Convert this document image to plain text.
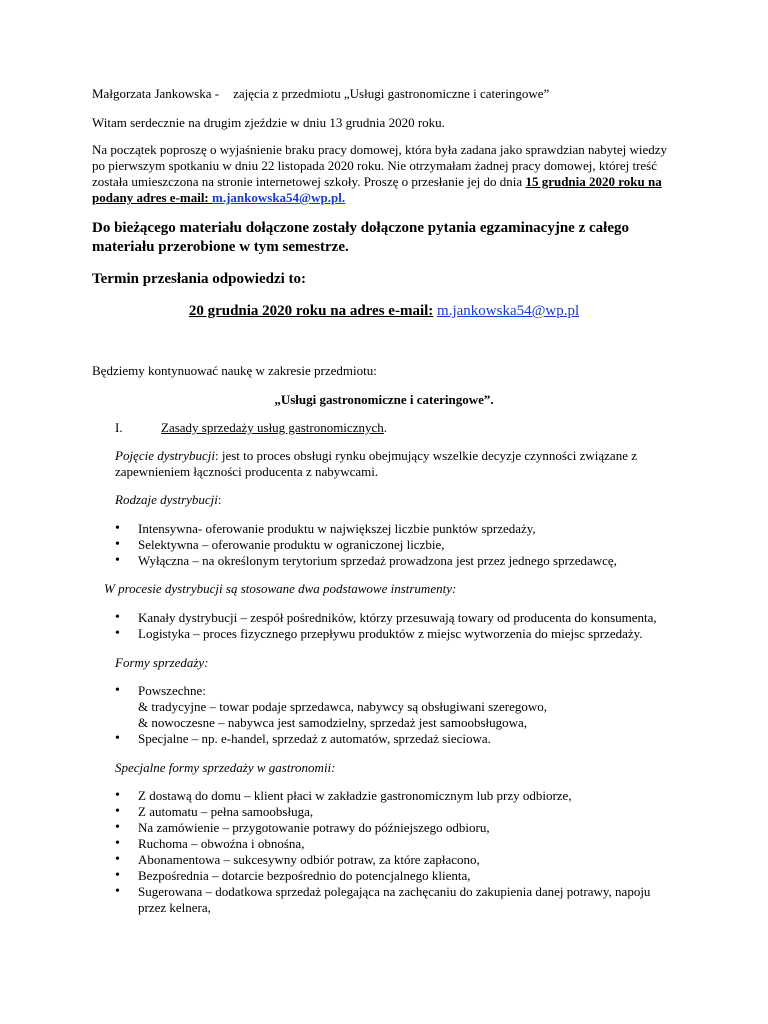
Małgorzata Jankowska - zajęcia z przedmiotu „Usługi gastronomiczne i cateringowe”

Witam serdecznie na drugim zjeździe w dniu 13 grudnia 2020 roku.

Na początek poproszę o wyjaśnienie braku pracy domowej, która była zadana jako sprawdzian nabytej wiedzy
po pierwszym spotkaniu w dniu 22 listopada 2020 roku. Nie otrzymałam żadnej pracy domowej, której treść
została umieszczona na stronie internetowej szkoły. Proszę o przesłanie jej do dnia 15 grudnia 2020 roku na
podany adres e-mail: m.jankowska54@wp.pl.
Do bieżącego materiału dołączone zostały dołączone pytania egzaminacyjne z całego
materiału przerobione w tym semestrze.

Termin przesłania odpowiedzi to:

20 grudnia 2020 roku na adres e-mail: m.jankowska54@wp.pl

Będziemy kontynuować naukę w zakresie przedmiotu:

„Usługi gastronomiczne i cateringowe”.

I.	Zasady sprzedaży usług gastronomicznych.

Pojęcie dystrybucji: jest to proces obsługi rynku obejmujący wszelkie decyzje czynności związane z
zapewnieniem łączności producenta z nabywcami.

Rodzaje dystrybucji:

• Intensywna- oferowanie produktu w największej liczbie punktów sprzedaży,
• Selektywna – oferowanie produktu w ograniczonej liczbie,
• Wyłączna – na określonym terytorium sprzedaż prowadzona jest przez jednego sprzedawcę,

W procesie dystrybucji są stosowane dwa podstawowe instrumenty:

• Kanały dystrybucji – zespół pośredników, którzy przesuwają towary od producenta do konsumenta,
• Logistyka – proces fizycznego przepływu produktów z miejsc wytworzenia do miejsc sprzedaży.

Formy sprzedaży:

• Powszechne:
& tradycyjne – towar podaje sprzedawca, nabywcy są obsługiwani szeregowo,
& nowoczesne – nabywca jest samodzielny, sprzedaż jest samoobsługowa,
• Specjalne – np. e-handel, sprzedaż z automatów, sprzedaż sieciowa.

Specjalne formy sprzedaży w gastronomii:

• Z dostawą do domu – klient płaci w zakładzie gastronomicznym lub przy odbiorze,
• Z automatu – pełna samoobsługa,
• Na zamówienie – przygotowanie potrawy do późniejszego odbioru,
• Ruchoma – obwoźna i obnośna,
• Abonamentowa – sukcesywny odbiór potraw, za które zapłacono,
• Bezpośrednia – dotarcie bezpośrednio do potencjalnego klienta,
• Sugerowana – dodatkowa sprzedaż polegająca na zachęcaniu do zakupienia danej potrawy, napoju
przez kelnera,
